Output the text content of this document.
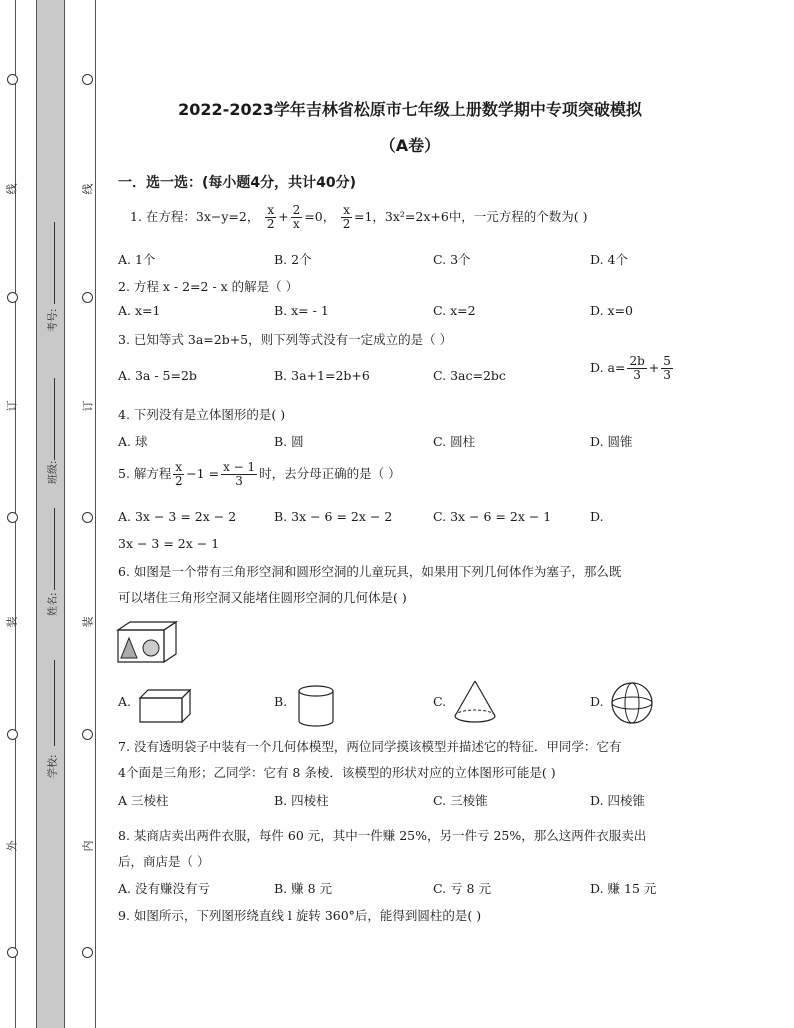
线
订
装
外
线
订
装
内
考号:
班级:
姓名:
学校:
2022-2023学年吉林省松原市七年级上册数学期中专项突破模拟
（A卷）
一．选一选：(每小题4分，共计40分)
1. 在方程：3x−y=2， $\frac{x}{2} + \frac{2}{x} =0$， $\frac{x}{2} =1$，3x²=2x+6中，一元方程的个数为( )
A. 1个	B. 2个	C. 3个	D. 4个
2. 方程 x - 2=2 - x 的解是（ ）
A. x=1	B. x= - 1	C. x=2	D. x=0
3. 已知等式 3a=2b+5，则下列等式没有一定成立的是（ ）
A. 3a - 5=2b	B. 3a+1=2b+6	C. 3ac=2bc
D. $a= \frac{2b}{3} + \frac{5}{3}$
4. 下列没有是立体图形的是( )
A. 球	B. 圆	C. 圆柱	D. 圆锥
5. 解方程 $\frac{x}{2} -1 = \frac{x - 1}{3}$ 时，去分母正确的是（ ）
A. 3x − 3 = 2x − 2	B. 3x − 6 = 2x − 2	C. 3x − 6 = 2x − 1	D.
3x − 3 = 2x − 1
6. 如图是一个带有三角形空洞和圆形空洞的儿童玩具，如果用下列几何体作为塞子，那么既
可以堵住三角形空洞又能堵住圆形空洞的几何体是( )
A.	B.	C.	D.
7. 没有透明袋子中装有一个几何体模型，两位同学摸该模型并描述它的特征．甲同学：它有
4个面是三角形；乙同学：它有 8 条棱．该模型的形状对应的立体图形可能是( )
A 三棱柱	B. 四棱柱	C. 三棱锥	D. 四棱锥
8. 某商店卖出两件衣服，每件 60 元，其中一件赚 25%，另一件亏 25%，那么这两件衣服卖出
后，商店是（ ）
A. 没有赚没有亏	B. 赚 8 元	C. 亏 8 元	D. 赚 15 元
9. 如图所示，下列图形绕直线 l 旋转 360°后，能得到圆柱的是( )
